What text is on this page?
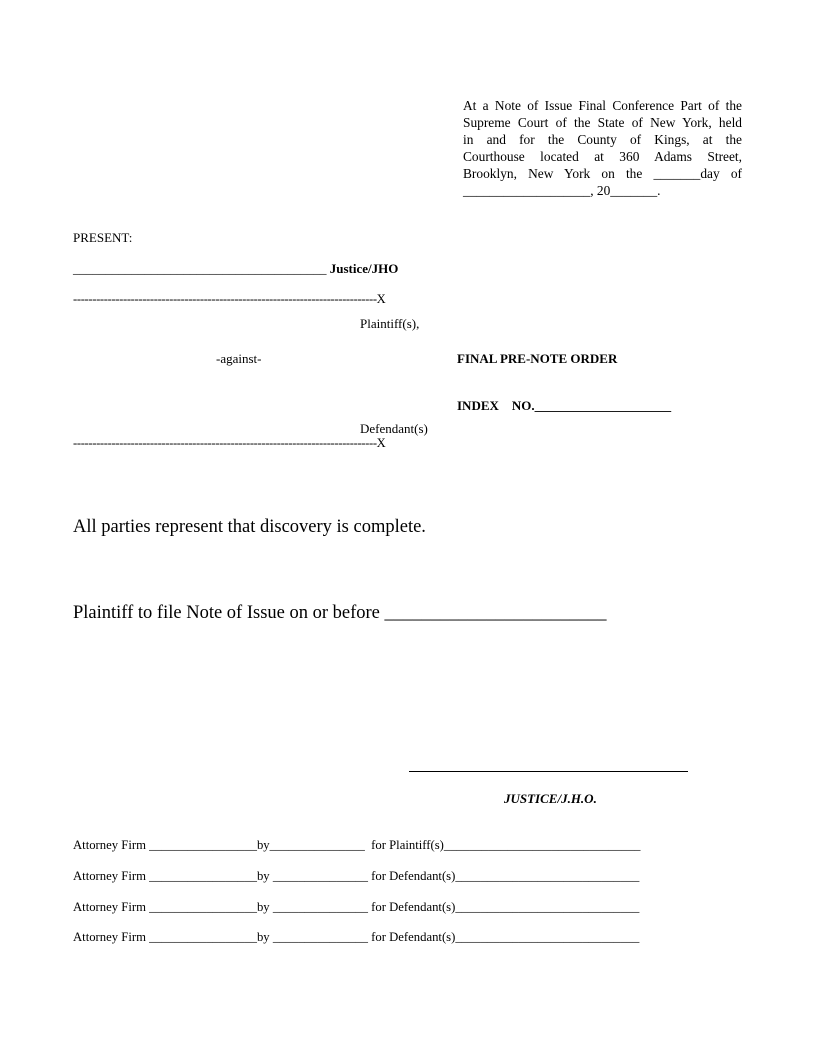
At a Note of Issue Final Conference Part of the
Supreme Court of the State of New York, held
in and for the County of Kings, at the
Courthouse located at 360 Adams Street,
Brooklyn, New York on the _______day of
___________________, 20_______.
PRESENT:
_______________________________________ Justice/JHO
-------------------------------------------------------------------------------X
Plaintiff(s),
-against-	FINAL PRE-NOTE ORDER
INDEX    NO._____________________
Defendant(s)
-------------------------------------------------------------------------------X
All parties represent that discovery is complete.
Plaintiff to file Note of Issue on or before ________________________
JUSTICE/J.H.O.
Attorney Firm _________________by_______________  for Plaintiff(s)_______________________________
Attorney Firm _________________by _______________ for Defendant(s)_____________________________
Attorney Firm _________________by _______________ for Defendant(s)_____________________________
Attorney Firm _________________by _______________ for Defendant(s)_____________________________
